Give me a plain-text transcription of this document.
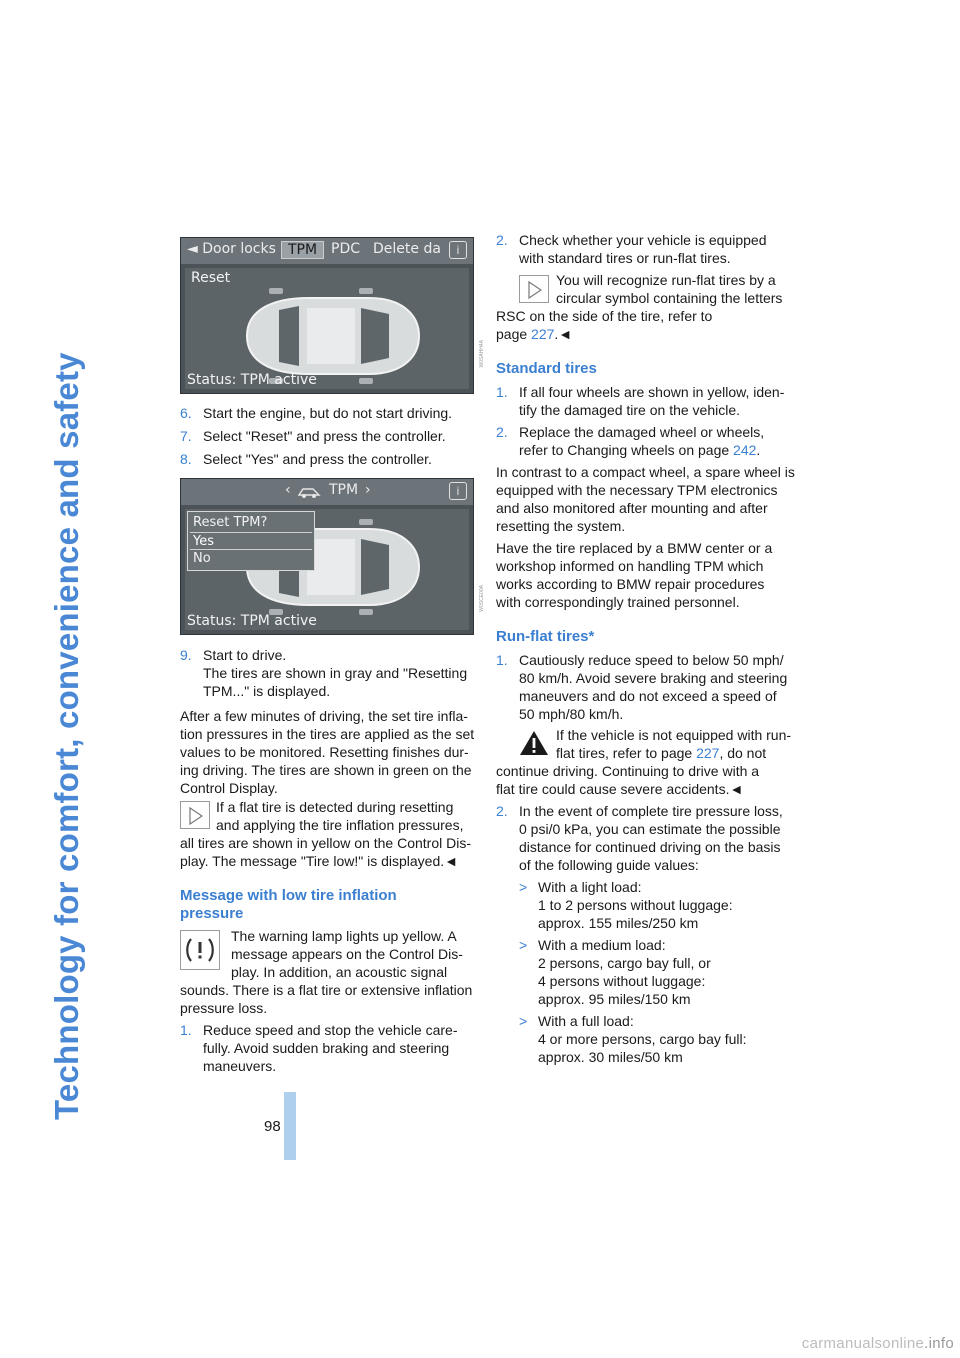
Technology for comfort, convenience and safety
◄ Door locks TPM PDC Delete da	i
Reset
Status: TPM active
W0SAHH4A
6. Start the engine, but do not start driving.
7. Select "Reset" and press the controller.
8. Select "Yes" and press the controller.
‹	TPM ›	i
Status: TPM active
Reset TPM?
Yes
No
W0SCE00A
9. Start to drive.
The tires are shown in gray and "Resetting
TPM..." is displayed.

After a few minutes of driving, the set tire infla-

tion pressures in the tires are applied as the set

values to be monitored. Resetting finishes dur-

ing driving. The tires are shown in green on the

Control Display.

If a flat tire is detected during resetting

and applying the tire inflation pressures,

all tires are shown in yellow on the Control Dis-

play. The message "Tire low!" is displayed.◄

Message with low tire inflation
pressure

The warning lamp lights up yellow. A

message appears on the Control Dis-

play. In addition, an acoustic signal

sounds. There is a flat tire or extensive inflation

pressure loss.

1. Reduce speed and stop the vehicle care-
fully. Avoid sudden braking and steering
maneuvers.
2. Check whether your vehicle is equipped
with standard tires or run-flat tires.

You will recognize run-flat tires by a

circular symbol containing the letters

RSC on the side of the tire, refer to

page 227.◄

Standard tires
1. If all four wheels are shown in yellow, iden-
tify the damaged tire on the vehicle.
2. Replace the damaged wheel or wheels,
refer to Changing wheels on page 242.

In contrast to a compact wheel, a spare wheel is

equipped with the necessary TPM electronics

and also monitored after mounting and after

resetting the system.

Have the tire replaced by a BMW center or a

workshop informed on handling TPM which

works according to BMW repair procedures

with correspondingly trained personnel.

Run-flat tires*
1. Cautiously reduce speed to below 50 mph/
80 km/h. Avoid severe braking and steering
maneuvers and do not exceed a speed of
50 mph/80 km/h.

If the vehicle is not equipped with run-

flat tires, refer to page 227, do not

continue driving. Continuing to drive with a

flat tire could cause severe accidents.◄

2. In the event of complete tire pressure loss,
0 psi/0 kPa, you can estimate the possible
distance for continued driving on the basis
of the following guide values:
> With a light load:
1 to 2 persons without luggage:
approx. 155 miles/250 km
> With a medium load:
2 persons, cargo bay full, or
4 persons without luggage:
approx. 95 miles/150 km
> With a full load:
4 or more persons, cargo bay full:
approx. 30 miles/50 km
98
carmanualsonline.info
